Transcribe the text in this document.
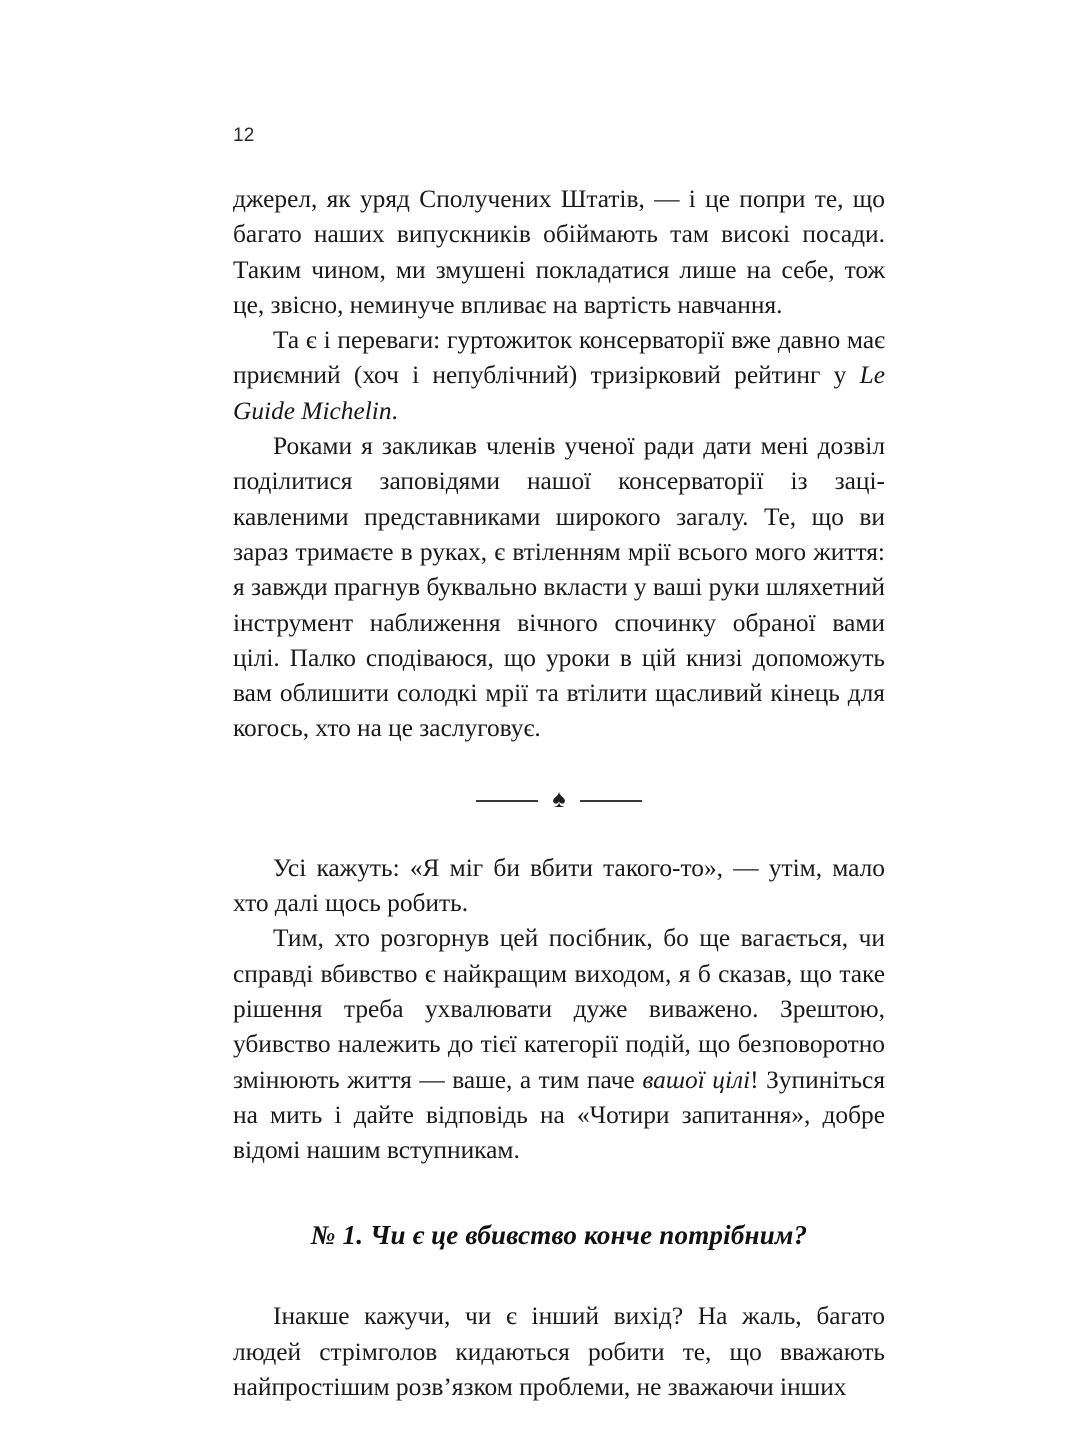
12

джерел, як уряд Сполучених Штатів, — і це попри те, що багато наших випускників обіймають там високі посади. Таким чином, ми змушені покладатися лише на себе, тож це, звісно, неминуче впливає на вартість навчання.

Та є і переваги: гуртожиток консерваторії вже давно має приємний (хоч і непублічний) тризірковий рейтинг у Le Guide Michelin.

Роками я закликав членів ученої ради дати мені дозвіл поділитися заповідями нашої консерваторії із зацікавленими представниками широкого загалу. Те, що ви зараз тримаєте в руках, є втіленням мрії всього мого життя: я завжди прагнув буквально вкласти у ваші руки шляхетний інструмент наближення вічного спочинку обраної вами цілі. Палко сподіваюся, що уроки в цій книзі допоможуть вам облишити солодкі мрії та втілити щасливий кінець для когось, хто на це заслуговує.

♠

Усі кажуть: «Я міг би вбити такого-то», — утім, мало хто далі щось робить.

Тим, хто розгорнув цей посібник, бо ще вагається, чи справді вбивство є найкращим виходом, я б сказав, що таке рішення треба ухвалювати дуже виважено. Зрештою, убивство належить до тієї категорії подій, що безповоротно змінюють життя — ваше, а тим паче вашої цілі! Зупиніться на мить і дайте відповідь на «Чотири запитання», добре відомі нашим вступникам.

№ 1. Чи є це вбивство конче потрібним?

Інакше кажучи, чи є інший вихід? На жаль, багато людей стрімголов кидаються робити те, що вважають найпростішим розв’язком проблеми, не зважаючи інших
